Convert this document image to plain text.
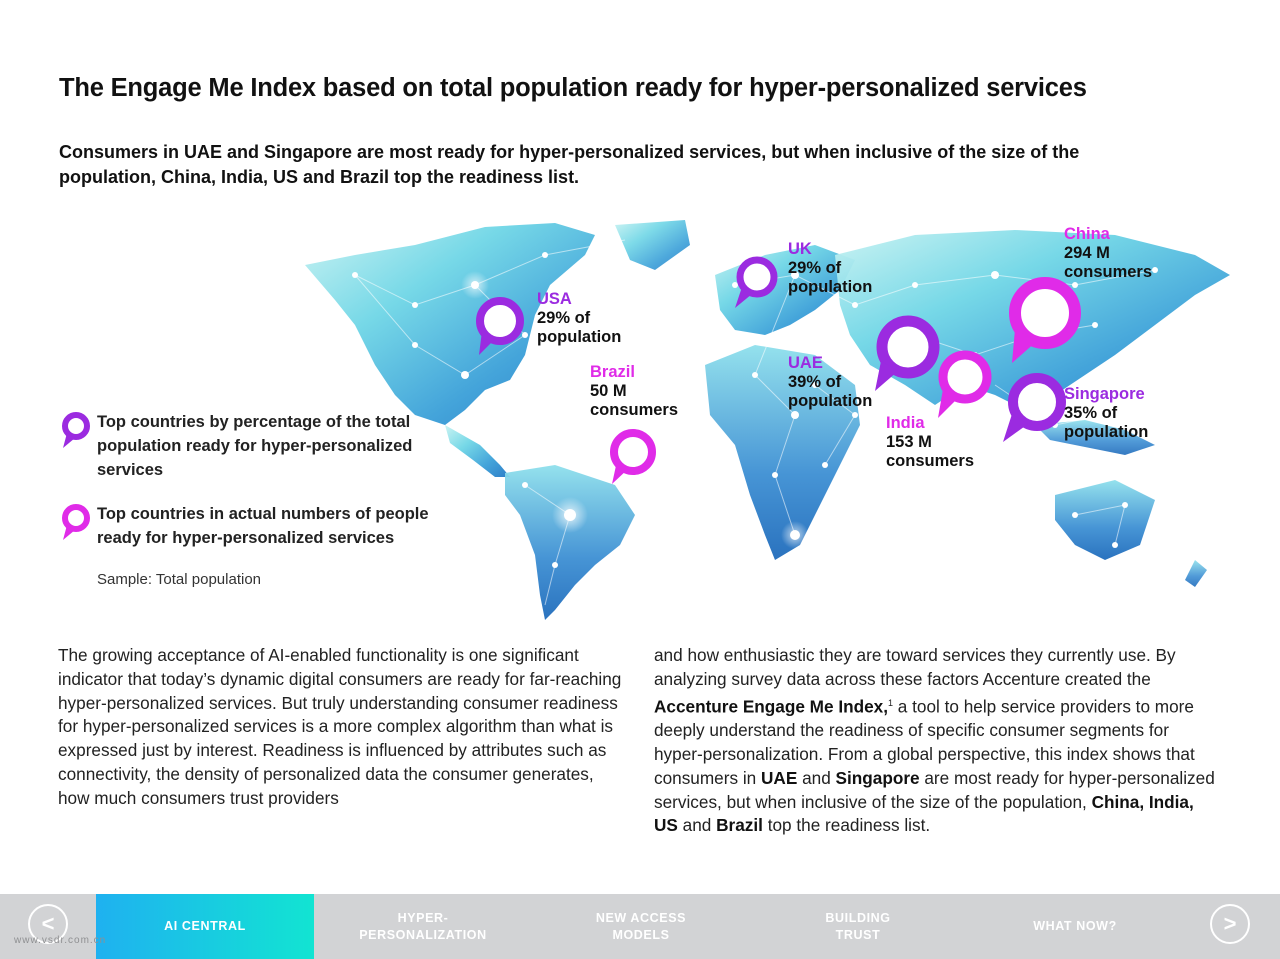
The Engage Me Index based on total population ready for hyper-personalized services
Consumers in UAE and Singapore are most ready for hyper-personalized services, but when inclusive of the size of the population, China, India, US and Brazil top the readiness list.
USA
29% of
population
UK
29% of
population
China
294 M
consumers
Brazil
50 M
consumers
UAE
39% of
population
India
153 M
consumers
Singapore
35% of
population
Top countries by percentage of the total population ready for hyper-personalized services
Top countries in actual numbers of people ready for hyper-personalized services
Sample: Total population
The growing acceptance of AI-enabled functionality is one significant indicator that today’s dynamic digital consumers are ready for far-reaching hyper-personalized services. But truly understanding consumer readiness for hyper-personalized services is a more complex algorithm than what is expressed just by interest. Readiness is influenced by attributes such as connectivity, the density of personalized data the consumer generates, how much consumers trust providers
and how enthusiastic they are toward services they currently use. By analyzing survey data across these factors Accenture created the Accenture Engage Me Index,$^1$ a tool to help service providers to more deeply understand the readiness of specific consumer segments for hyper-personalization. From a global perspective, this index shows that consumers in UAE and Singapore are most ready for hyper-personalized services, but when inclusive of the size of the population, China, India, US and Brazil top the readiness list.
<	AI CENTRAL
HYPER-
PERSONALIZATION
NEW ACCESS
MODELS
BUILDING
TRUST
WHAT NOW?	>
www.vsdr.com.cn
